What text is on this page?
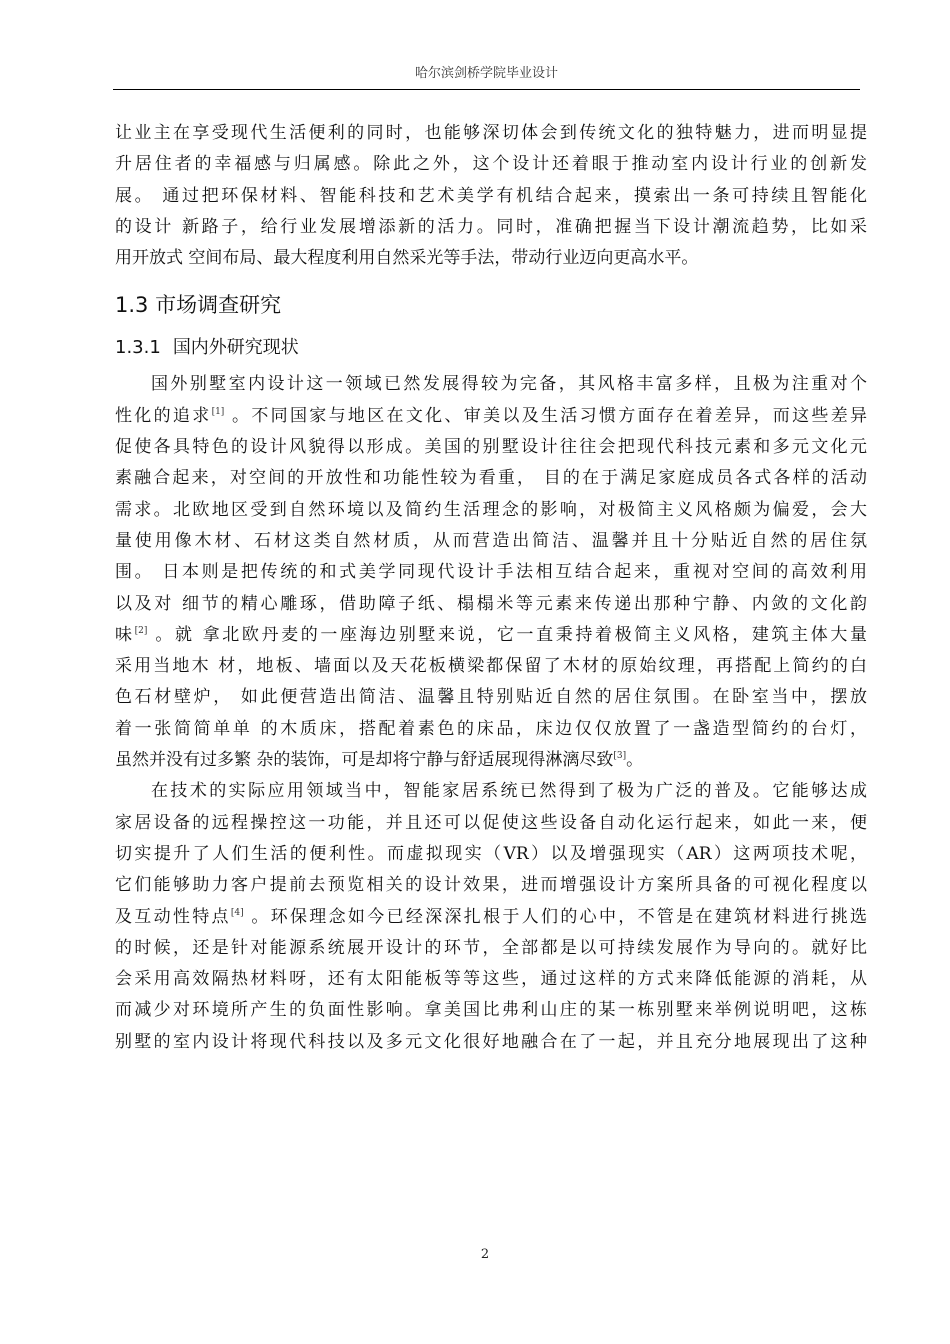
哈尔滨剑桥学院毕业设计

让业主在享受现代生活便利的同时，也能够深切体会到传统文化的独特魅力，进而明显提

升居住者的幸福感与归属感。除此之外，这个设计还着眼于推动室内设计行业的创新发

展。 通过把环保材料、智能科技和艺术美学有机结合起来，摸索出一条可持续且智能化

的设计 新路子，给行业发展增添新的活力。同时，准确把握当下设计潮流趋势，比如采

用开放式 空间布局、最大程度利用自然采光等手法，带动行业迈向更高水平。

1.3 市场调查研究
1.3.1 国内外研究现状

国外别墅室内设计这一领域已然发展得较为完备，其风格丰富多样，且极为注重对个

性化的追求[1] 。不同国家与地区在文化、审美以及生活习惯方面存在着差异，而这些差异

促使各具特色的设计风貌得以形成。美国的别墅设计往往会把现代科技元素和多元文化元

素融合起来，对空间的开放性和功能性较为看重， 目的在于满足家庭成员各式各样的活动

需求。北欧地区受到自然环境以及简约生活理念的影响，对极简主义风格颇为偏爱，会大

量使用像木材、石材这类自然材质，从而营造出简洁、温馨并且十分贴近自然的居住氛

围。 日本则是把传统的和式美学同现代设计手法相互结合起来，重视对空间的高效利用

以及对 细节的精心雕琢，借助障子纸、榻榻米等元素来传递出那种宁静、内敛的文化韵

味[2] 。就 拿北欧丹麦的一座海边别墅来说，它一直秉持着极简主义风格，建筑主体大量

采用当地木 材，地板、墙面以及天花板横梁都保留了木材的原始纹理，再搭配上简约的白

色石材壁炉， 如此便营造出简洁、温馨且特别贴近自然的居住氛围。在卧室当中，摆放

着一张简简单单 的木质床，搭配着素色的床品，床边仅仅放置了一盏造型简约的台灯，

虽然并没有过多繁 杂的装饰，可是却将宁静与舒适展现得淋漓尽致[3]。

在技术的实际应用领域当中，智能家居系统已然得到了极为广泛的普及。它能够达成

家居设备的远程操控这一功能，并且还可以促使这些设备自动化运行起来，如此一来，便

切实提升了人们生活的便利性。而虚拟现实（VR）以及增强现实（AR）这两项技术呢，

它们能够助力客户提前去预览相关的设计效果，进而增强设计方案所具备的可视化程度以

及互动性特点[4] 。环保理念如今已经深深扎根于人们的心中，不管是在建筑材料进行挑选

的时候，还是针对能源系统展开设计的环节，全部都是以可持续发展作为导向的。就好比

会采用高效隔热材料呀，还有太阳能板等等这些，通过这样的方式来降低能源的消耗，从

而减少对环境所产生的负面性影响。拿美国比弗利山庄的某一栋别墅来举例说明吧，这栋

别墅的室内设计将现代科技以及多元文化很好地融合在了一起，并且充分地展现出了这种

2
